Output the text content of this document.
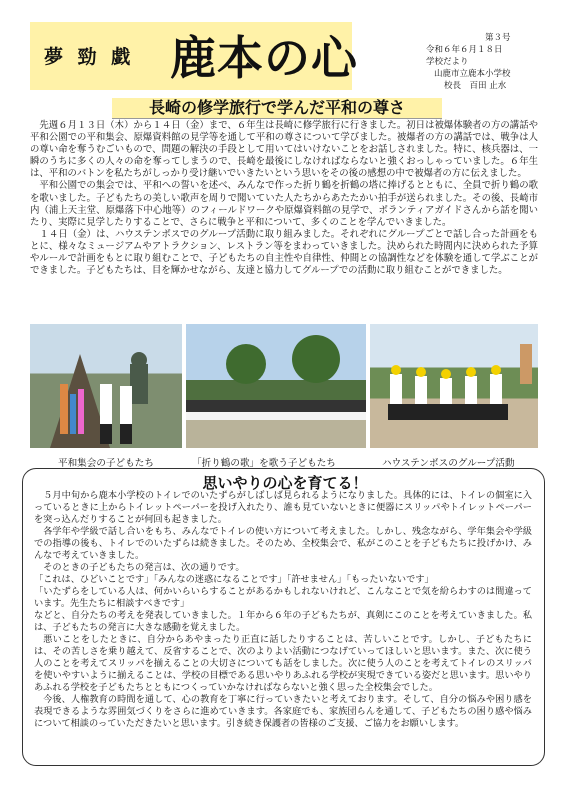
夢 勁 戯 鹿本の心	第３号
令和６年６月１８日
学校だより
山鹿市立鹿本小学校
校長　百田 止水
長崎の修学旅行で学んだ平和の尊さ

先週６月１３日（木）から１４日（金）まで、６年生は長崎に修学旅行に行きました。初日は被爆体験者の方の講話や平和公園での平和集会、原爆資料館の見学等を通して平和の尊さについて学びました。被爆者の方の講話では、戦争は人の尊い命を奪うむごいもので、問題の解決の手段として用いてはいけないことをお話しされました。特に、核兵器は、一瞬のうちに多くの人々の命を奪ってしまうので、長崎を最後にしなければならないと強くおっしゃっていました。６年生は、平和のバトンを私たちがしっかり受け継いでいきたいという思いをその後の感想の中で被爆者の方に伝えました。

平和公園での集会では、平和への誓いを述べ、みんなで作った折り鶴を折鶴の塔に捧げるとともに、全員で折り鶴の歌を歌いました。子どもたちの美しい歌声を周りで聞いていた人たちからあたたかい拍手が送られました。その後、長崎市内（浦上天主堂、原爆落下中心地等）のフィールドワークや原爆資料館の見学で、ボランティアガイドさんから話を聞いたり、実際に見学したりすることで、さらに戦争と平和について、多くのことを学んでいきました。

１４日（金）は、ハウステンボスでのグループ活動に取り組みました。それぞれにグループごとで話し合った計画をもとに、様々なミュージアムやアトラクション、レストラン等をまわっていきました。決められた時間内に決められた予算やルールで計画をもとに取り組むことで、子どもたちの自主性や自律性、仲間との協調性などを体験を通して学ぶことができました。子どもたちは、目を輝かせながら、友達と協力してグループでの活動に取り組むことができました。

平和集会の子どもたち	「折り鶴の歌」を歌う子どもたち	ハウステンボスのグループ活動
思いやりの心を育てる！

５月中旬から鹿本小学校のトイレでのいたずらがしばしば見られるようになりました。具体的には、トイレの個室に入っているときに上からトイレットペーパーを投げ入れたり、誰も見ていないときに便器にスリッパやトイレットペーパーを突っ込んだりすることが何回も起きました。

各学年や学級で話し合いをもち、みんなでトイレの使い方について考えました。しかし、残念ながら、学年集会や学級での指導の後も、トイレでのいたずらは続きました。そのため、全校集会で、私がこのことを子どもたちに投げかけ、みんなで考えていきました。

そのときの子どもたちの発言は、次の通りです。

「これは、ひどいことです」「みんなの迷惑になることです」「許せません」「もったいないです」

「いたずらをしている人は、何かいらいらすることがあるかもしれないけれど、こんなことで気を紛らわすのは間違っています。先生たちに相談すべきです」

などと、自分たちの考えを発表していきました。１年から６年の子どもたちが、真剣にこのことを考えていきました。私は、子どもたちの発言に大きな感動を覚えました。

悪いことをしたときに、自分からあやまったり正直に話したりすることは、苦しいことです。しかし、子どもたちには、その苦しさを乗り越えて、反省することで、次のよりよい活動につなげていってほしいと思います。また、次に使う人のことを考えてスリッパを揃えることの大切さについても話をしました。次に使う人のことを考えてトイレのスリッパを使いやすいように揃えることは、学校の目標である思いやりあふれる学校が実現できている姿だと思います。思いやりあふれる学校を子どもたちとともにつくっていかなければならないと強く思った全校集会でした。

今後、人権教育の時間を通して、心の教育を丁寧に行っていきたいと考えております。そして、自分の悩みや困り感を表現できるような雰囲気づくりをさらに進めていきます。各家庭でも、家族団らんを通して、子どもたちの困り感や悩みについて相談のっていただきたいと思います。引き続き保護者の皆様のご支援、ご協力をお願いします。
